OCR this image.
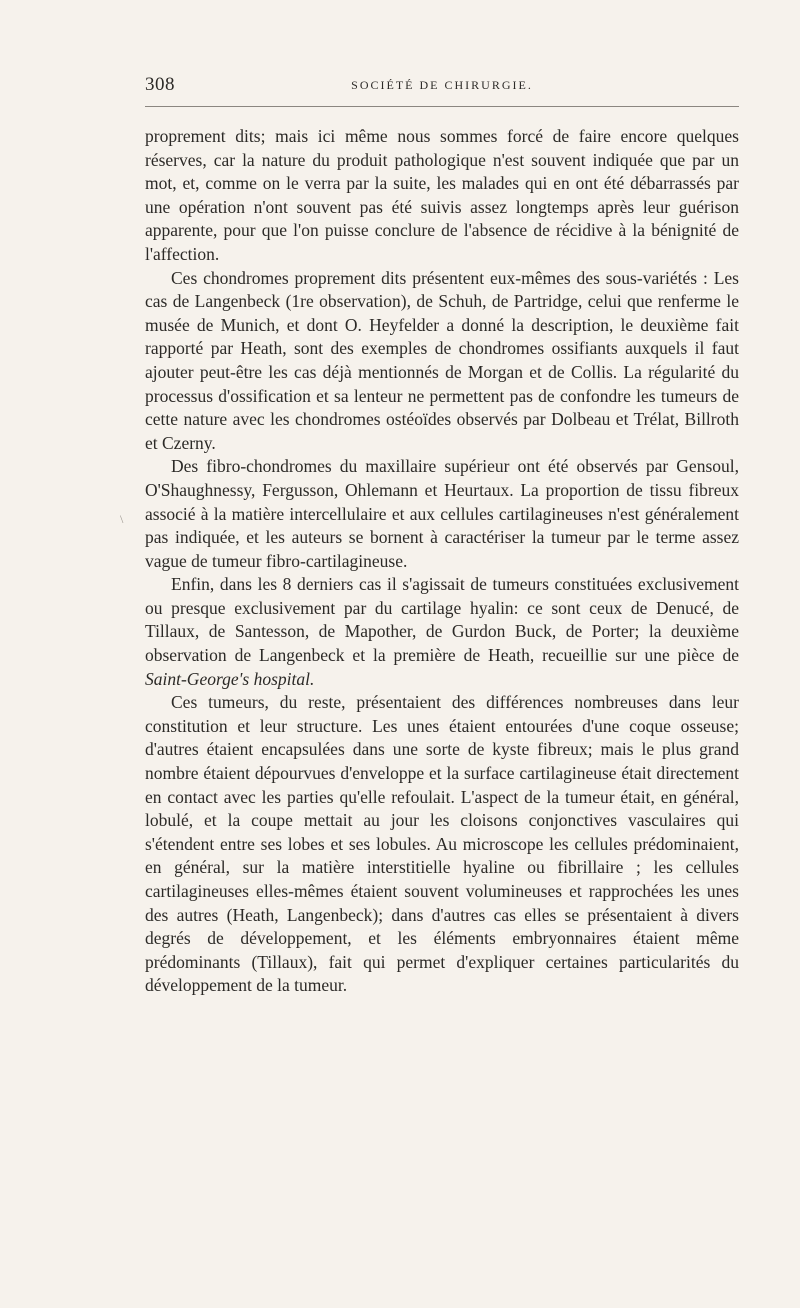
308	SOCIÉTÉ DE CHIRURGIE.
\

proprement dits; mais ici même nous sommes forcé de faire encore quelques réserves, car la nature du produit pathologique n'est souvent indiquée que par un mot, et, comme on le verra par la suite, les malades qui en ont été débarrassés par une opération n'ont souvent pas été suivis assez longtemps après leur guérison apparente, pour que l'on puisse conclure de l'absence de récidive à la bénignité de l'affection.

Ces chondromes proprement dits présentent eux-mêmes des sous-variétés : Les cas de Langenbeck (1re observation), de Schuh, de Partridge, celui que renferme le musée de Munich, et dont O. Heyfelder a donné la description, le deuxième fait rapporté par Heath, sont des exemples de chondromes ossifiants auxquels il faut ajouter peut-être les cas déjà mentionnés de Morgan et de Collis. La régularité du processus d'ossification et sa lenteur ne permettent pas de confondre les tumeurs de cette nature avec les chondromes ostéoïdes observés par Dolbeau et Trélat, Billroth et Czerny.

Des fibro-chondromes du maxillaire supérieur ont été observés par Gensoul, O'Shaughnessy, Fergusson, Ohlemann et Heurtaux. La proportion de tissu fibreux associé à la matière intercellulaire et aux cellules cartilagineuses n'est généralement pas indiquée, et les auteurs se bornent à caractériser la tumeur par le terme assez vague de tumeur fibro-cartilagineuse.

Enfin, dans les 8 derniers cas il s'agissait de tumeurs constituées exclusivement ou presque exclusivement par du cartilage hyalin: ce sont ceux de Denucé, de Tillaux, de Santesson, de Mapother, de Gurdon Buck, de Porter; la deuxième observation de Langenbeck et la première de Heath, recueillie sur une pièce de Saint-George's hospital.

Ces tumeurs, du reste, présentaient des différences nombreuses dans leur constitution et leur structure. Les unes étaient entourées d'une coque osseuse; d'autres étaient encapsulées dans une sorte de kyste fibreux; mais le plus grand nombre étaient dépourvues d'enveloppe et la surface cartilagineuse était directement en contact avec les parties qu'elle refoulait. L'aspect de la tumeur était, en général, lobulé, et la coupe mettait au jour les cloisons conjonctives vasculaires qui s'étendent entre ses lobes et ses lobules. Au microscope les cellules prédominaient, en général, sur la matière interstitielle hyaline ou fibrillaire ; les cellules cartilagineuses elles-mêmes étaient souvent volumineuses et rapprochées les unes des autres (Heath, Langenbeck); dans d'autres cas elles se présentaient à divers degrés de développement, et les éléments embryonnaires étaient même prédominants (Tillaux), fait qui permet d'expliquer certaines particularités du développement de la tumeur.
